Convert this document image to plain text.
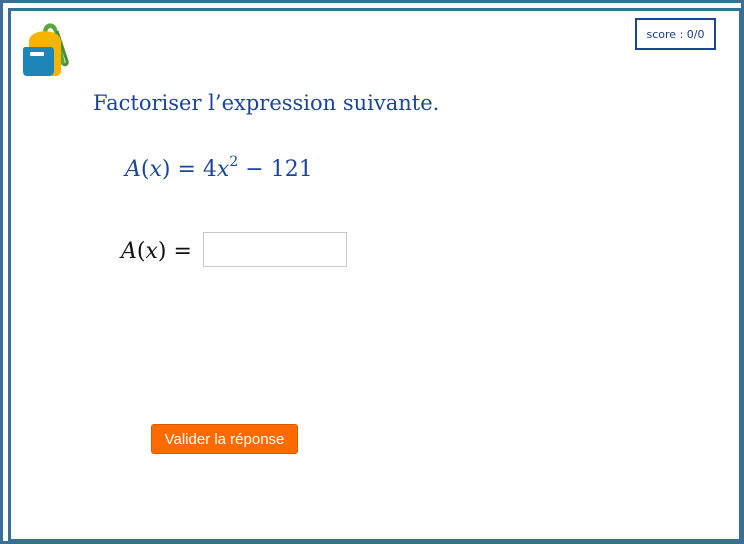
score : 0/0
Factoriser l’expression suivante.
$A(x) = 4x^2 - 121$
A(x) =
Valider la réponse
